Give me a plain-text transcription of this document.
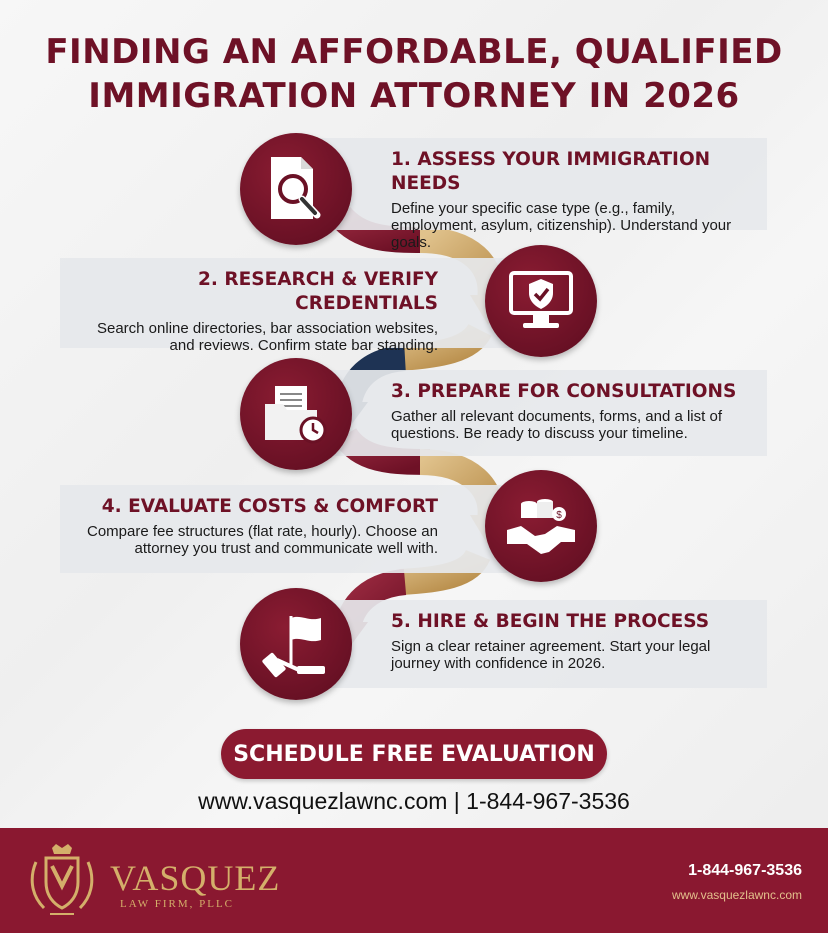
FINDING AN AFFORDABLE, QUALIFIED
IMMIGRATION ATTORNEY IN 2026
1. ASSESS YOUR IMMIGRATION NEEDS

Define your specific case type (e.g., family, employment, asylum, citizenship). Understand your goals.

2. RESEARCH & VERIFY CREDENTIALS

Search online directories, bar association websites, and reviews. Confirm state bar standing.

3. PREPARE FOR CONSULTATIONS

Gather all relevant documents, forms, and a list of questions. Be ready to discuss your timeline.

4. EVALUATE COSTS & COMFORT

Compare fee structures (flat rate, hourly). Choose an attorney you trust and communicate well with.

$
5. HIRE & BEGIN THE PROCESS

Sign a clear retainer agreement. Start your legal journey with confidence in 2026.

SCHEDULE FREE EVALUATION
www.vasquezlawnc.com | 1-844-967-3536
VASQUEZ
LAW FIRM, PLLC
1-844-967-3536
www.vasquezlawnc.com
